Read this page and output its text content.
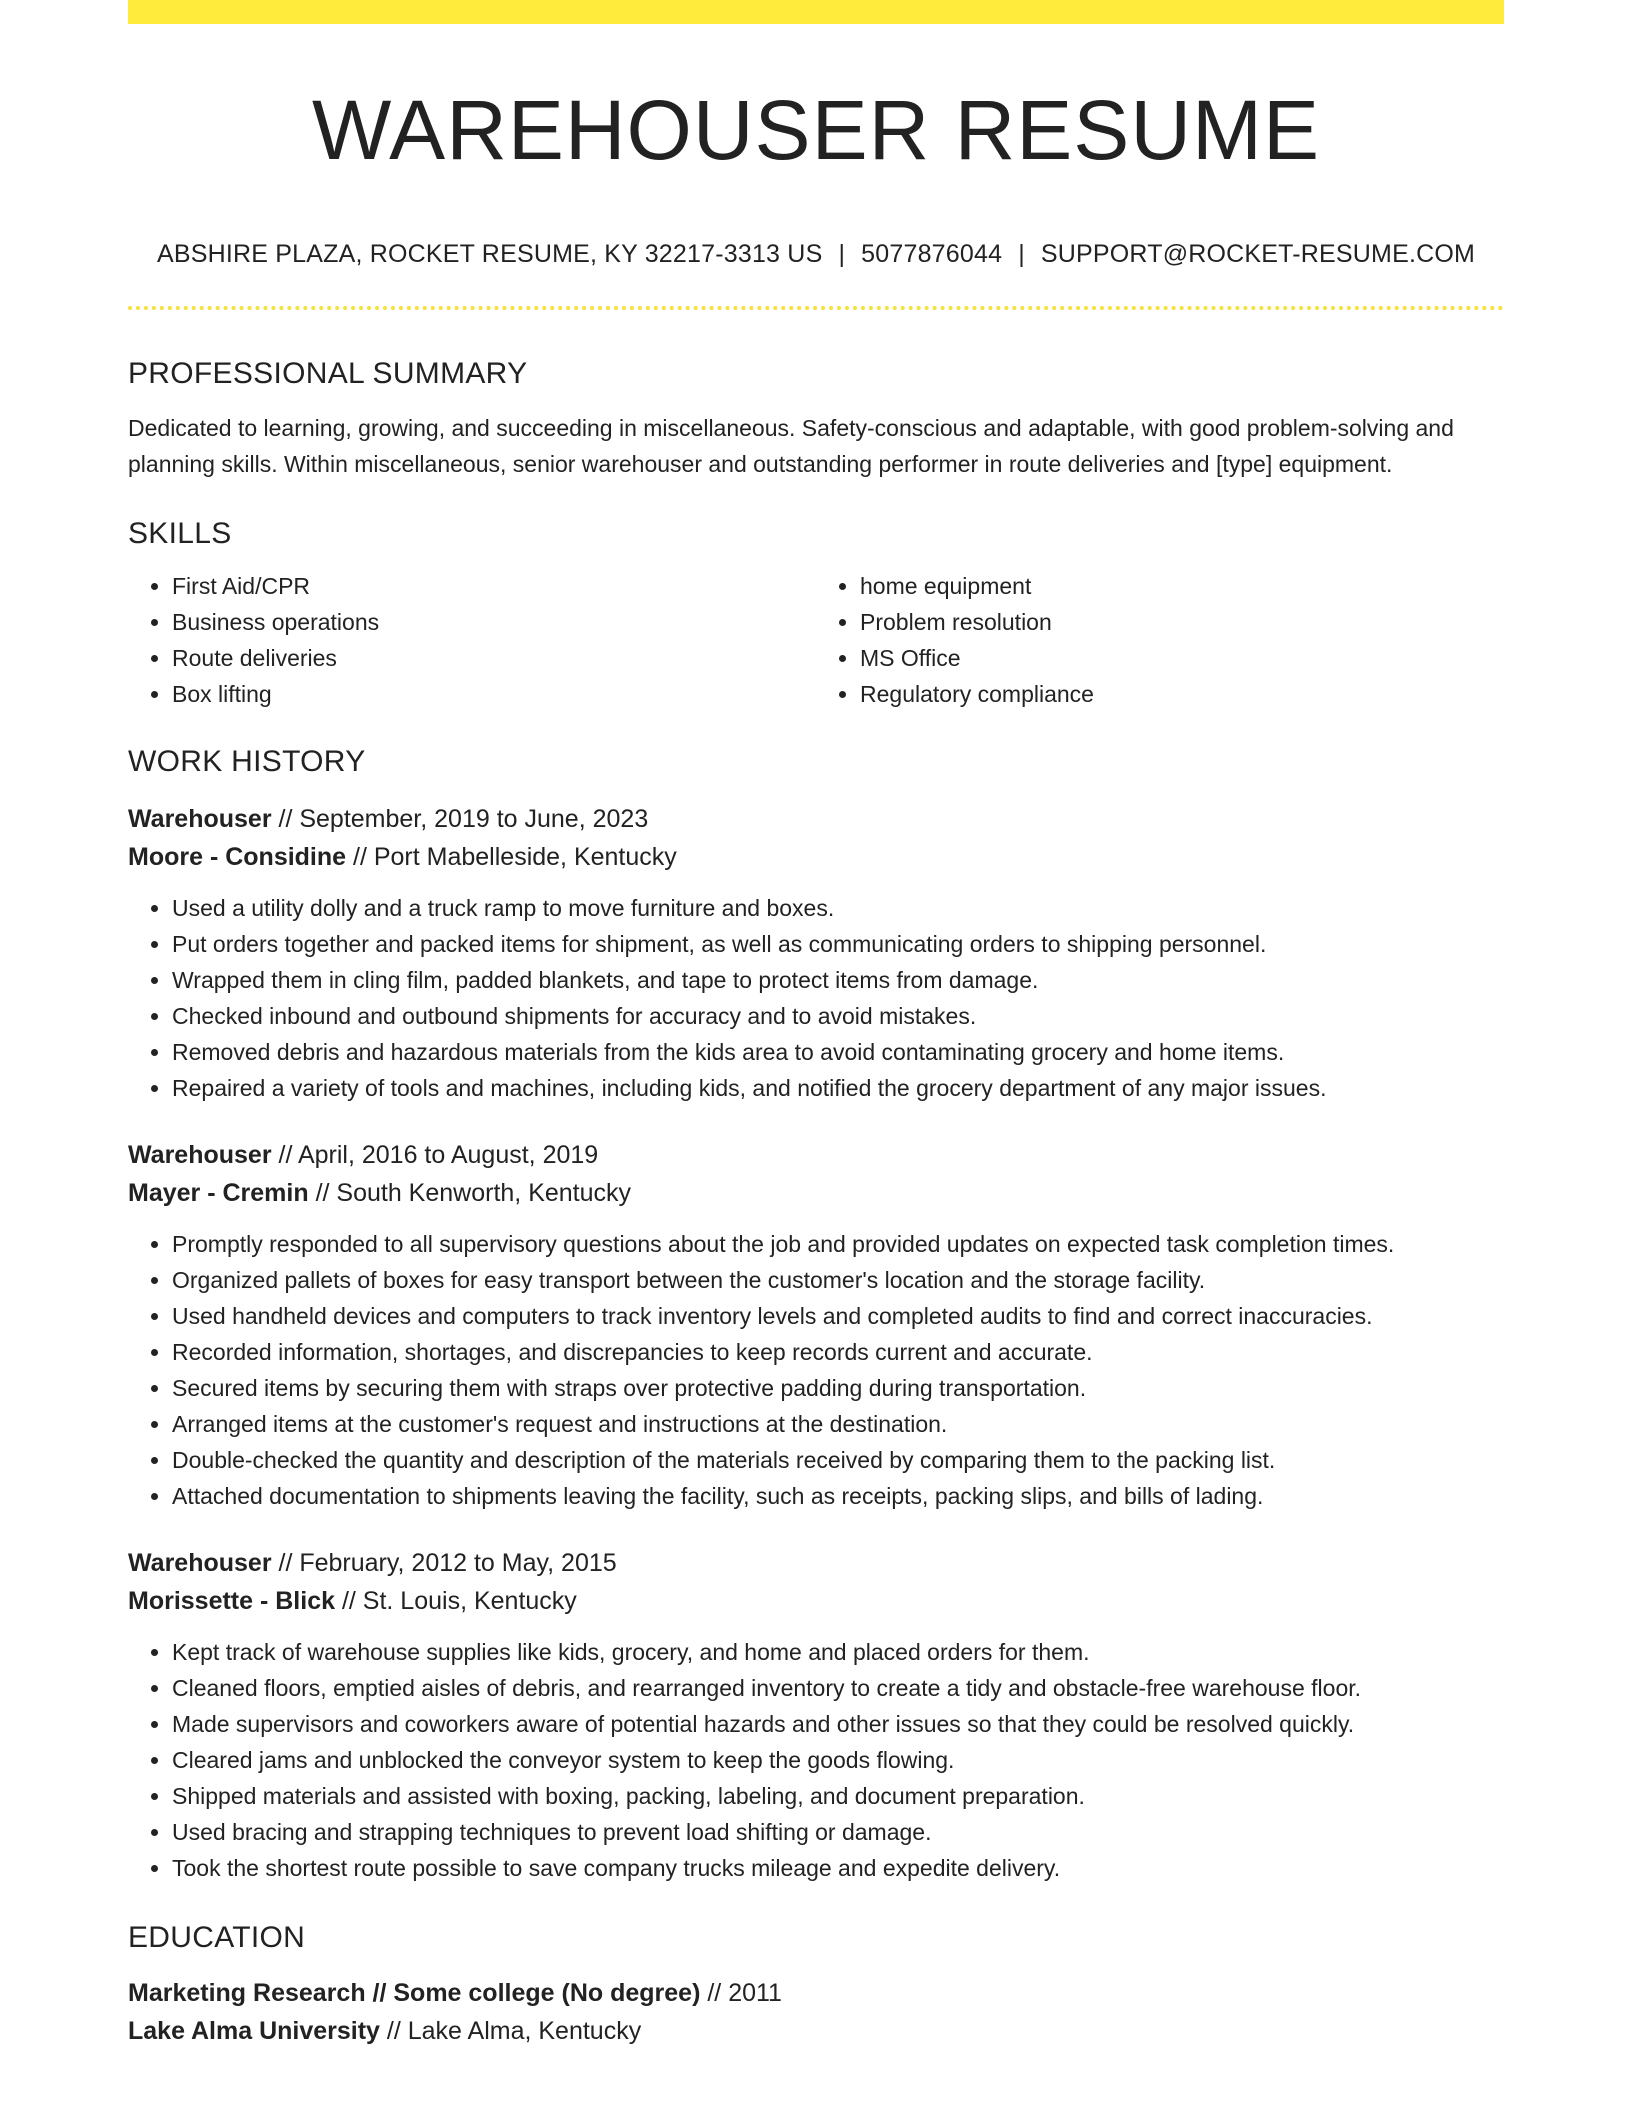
WAREHOUSER RESUME
ABSHIRE PLAZA, ROCKET RESUME, KY 32217-3313 US | 5077876044 | SUPPORT@ROCKET-RESUME.COM
PROFESSIONAL SUMMARY

Dedicated to learning, growing, and succeeding in miscellaneous. Safety-conscious and adaptable, with good problem-solving and planning skills. Within miscellaneous, senior warehouser and outstanding performer in route deliveries and [type] equipment.

SKILLS
• First Aid/CPR
• Business operations
• Route deliveries
• Box lifting
• home equipment
• Problem resolution
• MS Office
• Regulatory compliance
WORK HISTORY
Warehouser // September, 2019 to June, 2023
Moore - Considine // Port Mabelleside, Kentucky
• Used a utility dolly and a truck ramp to move furniture and boxes.
• Put orders together and packed items for shipment, as well as communicating orders to shipping personnel.
• Wrapped them in cling film, padded blankets, and tape to protect items from damage.
• Checked inbound and outbound shipments for accuracy and to avoid mistakes.
• Removed debris and hazardous materials from the kids area to avoid contaminating grocery and home items.
• Repaired a variety of tools and machines, including kids, and notified the grocery department of any major issues.
Warehouser // April, 2016 to August, 2019
Mayer - Cremin // South Kenworth, Kentucky
• Promptly responded to all supervisory questions about the job and provided updates on expected task completion times.
• Organized pallets of boxes for easy transport between the customer's location and the storage facility.
• Used handheld devices and computers to track inventory levels and completed audits to find and correct inaccuracies.
• Recorded information, shortages, and discrepancies to keep records current and accurate.
• Secured items by securing them with straps over protective padding during transportation.
• Arranged items at the customer's request and instructions at the destination.
• Double-checked the quantity and description of the materials received by comparing them to the packing list.
• Attached documentation to shipments leaving the facility, such as receipts, packing slips, and bills of lading.
Warehouser // February, 2012 to May, 2015
Morissette - Blick // St. Louis, Kentucky
• Kept track of warehouse supplies like kids, grocery, and home and placed orders for them.
• Cleaned floors, emptied aisles of debris, and rearranged inventory to create a tidy and obstacle-free warehouse floor.
• Made supervisors and coworkers aware of potential hazards and other issues so that they could be resolved quickly.
• Cleared jams and unblocked the conveyor system to keep the goods flowing.
• Shipped materials and assisted with boxing, packing, labeling, and document preparation.
• Used bracing and strapping techniques to prevent load shifting or damage.
• Took the shortest route possible to save company trucks mileage and expedite delivery.
EDUCATION
Marketing Research // Some college (No degree) // 2011
Lake Alma University // Lake Alma, Kentucky
